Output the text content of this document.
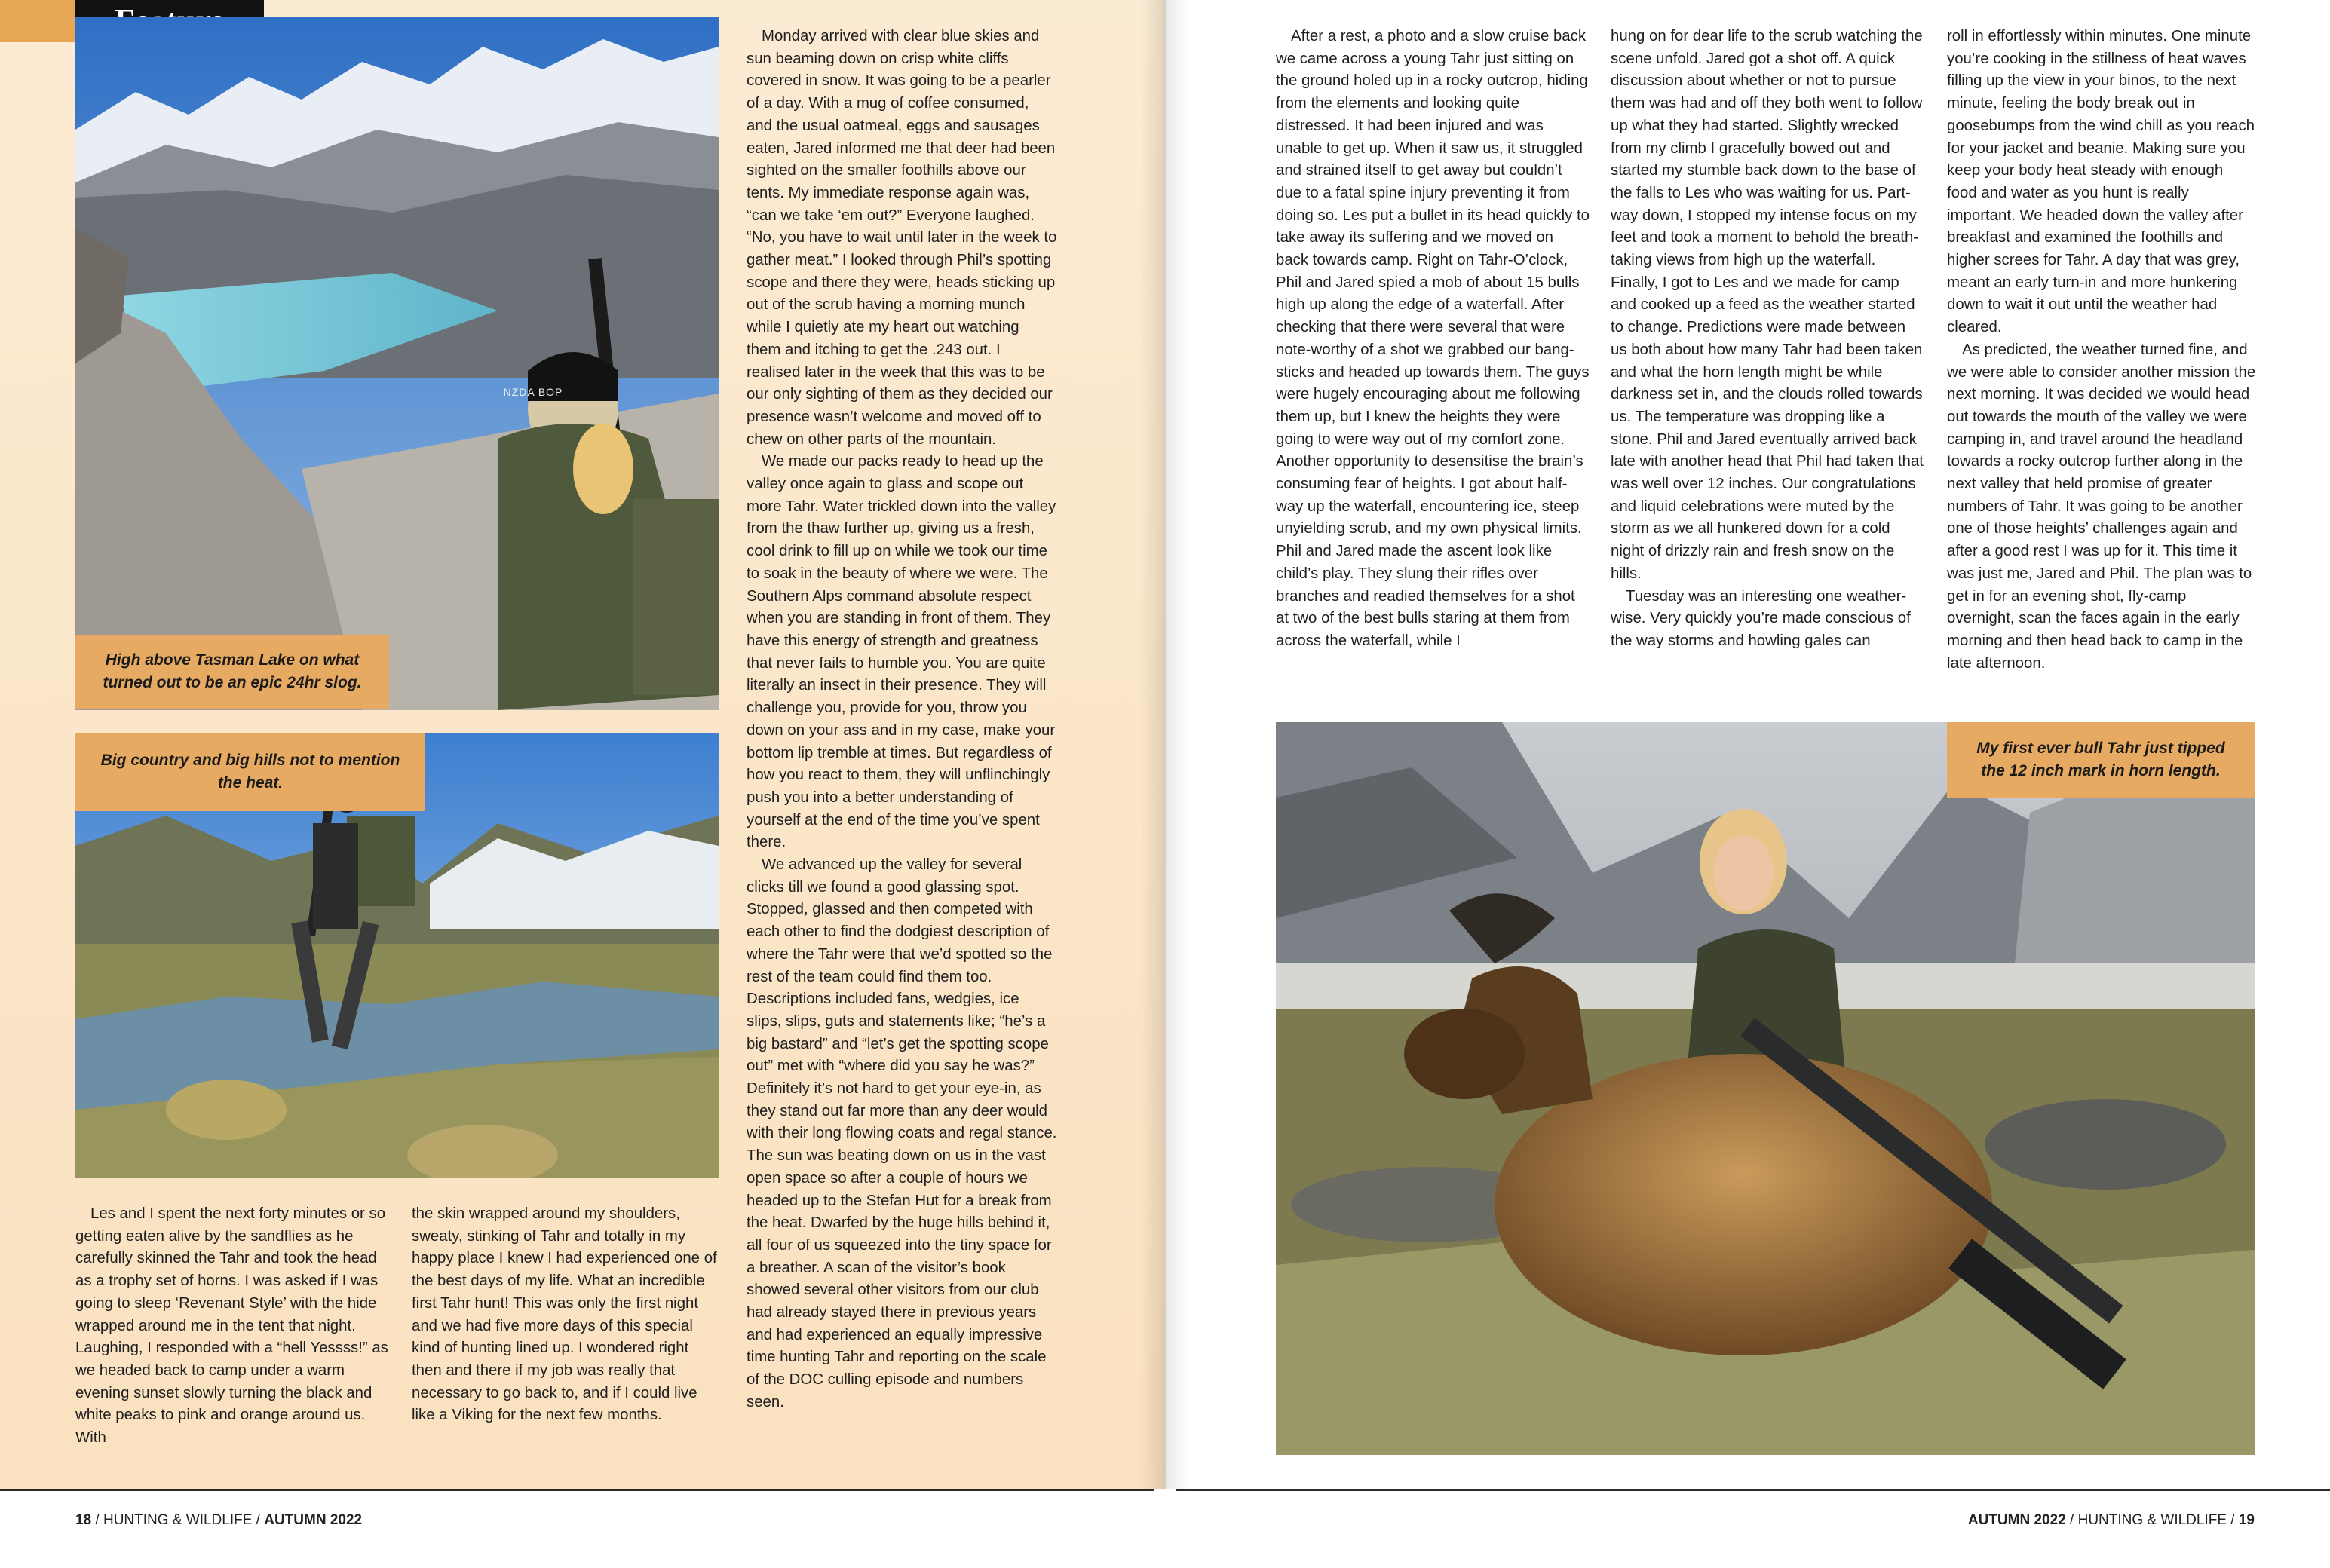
NZDA BOP
High above Tasman Lake on what turned out to be an epic 24hr slog.
Big country and big hills not to mention the heat.

Les and I spent the next forty minutes or so getting eaten alive by the sandflies as he carefully skinned the Tahr and took the head as a trophy set of horns. I was asked if I was going to sleep ‘Revenant Style’ with the hide wrapped around me in the tent that night. Laughing, I responded with a “hell Yessss!” as we headed back to camp under a warm evening sunset slowly turning the black and white peaks to pink and orange around us. With

the skin wrapped around my shoulders, sweaty, stinking of Tahr and totally in my happy place I knew I had experienced one of the best days of my life. What an incredible first Tahr hunt! This was only the first night and we had five more days of this special kind of hunting lined up. I wondered right then and there if my job was really that necessary to go back to, and if I could live like a Viking for the next few months.

Monday arrived with clear blue skies and sun beaming down on crisp white cliffs covered in snow. It was going to be a pearler of a day. With a mug of coffee consumed, and the usual oatmeal, eggs and sausages eaten, Jared informed me that deer had been sighted on the smaller foothills above our tents. My immediate response again was, “can we take ‘em out?” Everyone laughed. “No, you have to wait until later in the week to gather meat.” I looked through Phil’s spotting scope and there they were, heads sticking up out of the scrub having a morning munch while I quietly ate my heart out watching them and itching to get the .243 out. I realised later in the week that this was to be our only sighting of them as they decided our presence wasn’t welcome and moved off to chew on other parts of the mountain.

We made our packs ready to head up the valley once again to glass and scope out more Tahr. Water trickled down into the valley from the thaw further up, giving us a fresh, cool drink to fill up on while we took our time to soak in the beauty of where we were. The Southern Alps command absolute respect when you are standing in front of them. They have this energy of strength and greatness that never fails to humble you. You are quite literally an insect in their presence. They will challenge you, provide for you, throw you down on your ass and in my case, make your bottom lip tremble at times. But regardless of how you react to them, they will unflinchingly push you into a better understanding of yourself at the end of the time you’ve spent there.

We advanced up the valley for several clicks till we found a good glassing spot. Stopped, glassed and then competed with each other to find the dodgiest description of where the Tahr were that we’d spotted so the rest of the team could find them too. Descriptions included fans, wedgies, ice slips, slips, guts and statements like; “he’s a big bastard” and “let’s get the spotting scope out” met with “where did you say he was?” Definitely it’s not hard to get your eye-in, as they stand out far more than any deer would with their long flowing coats and regal stance. The sun was beating down on us in the vast open space so after a couple of hours we headed up to the Stefan Hut for a break from the heat. Dwarfed by the huge hills behind it, all four of us squeezed into the tiny space for a breather. A scan of the visitor’s book showed several other visitors from our club had already stayed there in previous years and had experienced an equally impressive time hunting Tahr and reporting on the scale of the DOC culling episode and numbers seen.

After a rest, a photo and a slow cruise back we came across a young Tahr just sitting on the ground holed up in a rocky outcrop, hiding from the elements and looking quite distressed. It had been injured and was unable to get up. When it saw us, it struggled and strained itself to get away but couldn’t due to a fatal spine injury preventing it from doing so. Les put a bullet in its head quickly to take away its suffering and we moved on back towards camp. Right on Tahr-O’clock, Phil and Jared spied a mob of about 15 bulls high up along the edge of a waterfall. After checking that there were several that were note-worthy of a shot we grabbed our bang-sticks and headed up towards them. The guys were hugely encouraging about me following them up, but I knew the heights they were going to were way out of my comfort zone. Another opportunity to desensitise the brain’s consuming fear of heights. I got about half-way up the waterfall, encountering ice, steep unyielding scrub, and my own physical limits. Phil and Jared made the ascent look like child’s play. They slung their rifles over branches and readied themselves for a shot at two of the best bulls staring at them from across the waterfall, while I

hung on for dear life to the scrub watching the scene unfold. Jared got a shot off. A quick discussion about whether or not to pursue them was had and off they both went to follow up what they had started. Slightly wrecked from my climb I gracefully bowed out and started my stumble back down to the base of the falls to Les who was waiting for us. Part-way down, I stopped my intense focus on my feet and took a moment to behold the breath-taking views from high up the waterfall. Finally, I got to Les and we made for camp and cooked up a feed as the weather started to change. Predictions were made between us both about how many Tahr had been taken and what the horn length might be while darkness set in, and the clouds rolled towards us. The temperature was dropping like a stone. Phil and Jared eventually arrived back late with another head that Phil had taken that was well over 12 inches. Our congratulations and liquid celebrations were muted by the storm as we all hunkered down for a cold night of drizzly rain and fresh snow on the hills.

Tuesday was an interesting one weather-wise. Very quickly you’re made conscious of the way storms and howling gales can

roll in effortlessly within minutes. One minute you’re cooking in the stillness of heat waves filling up the view in your binos, to the next minute, feeling the body break out in goosebumps from the wind chill as you reach for your jacket and beanie. Making sure you keep your body heat steady with enough food and water as you hunt is really important. We headed down the valley after breakfast and examined the foothills and higher screes for Tahr. A day that was grey, meant an early turn-in and more hunkering down to wait it out until the weather had cleared.

As predicted, the weather turned fine, and we were able to consider another mission the next morning. It was decided we would head out towards the mouth of the valley we were camping in, and travel around the headland towards a rocky outcrop further along in the next valley that held promise of greater numbers of Tahr. It was going to be another one of those heights’ challenges again and after a good rest I was up for it. This time it was just me, Jared and Phil. The plan was to get in for an evening shot, fly-camp overnight, scan the faces again in the early morning and then head back to camp in the late afternoon.

My first ever bull Tahr just tipped the 12 inch mark in horn length.
18 / HUNTING & WILDLIFE / AUTUMN 2022	AUTUMN 2022 / HUNTING & WILDLIFE / 19
